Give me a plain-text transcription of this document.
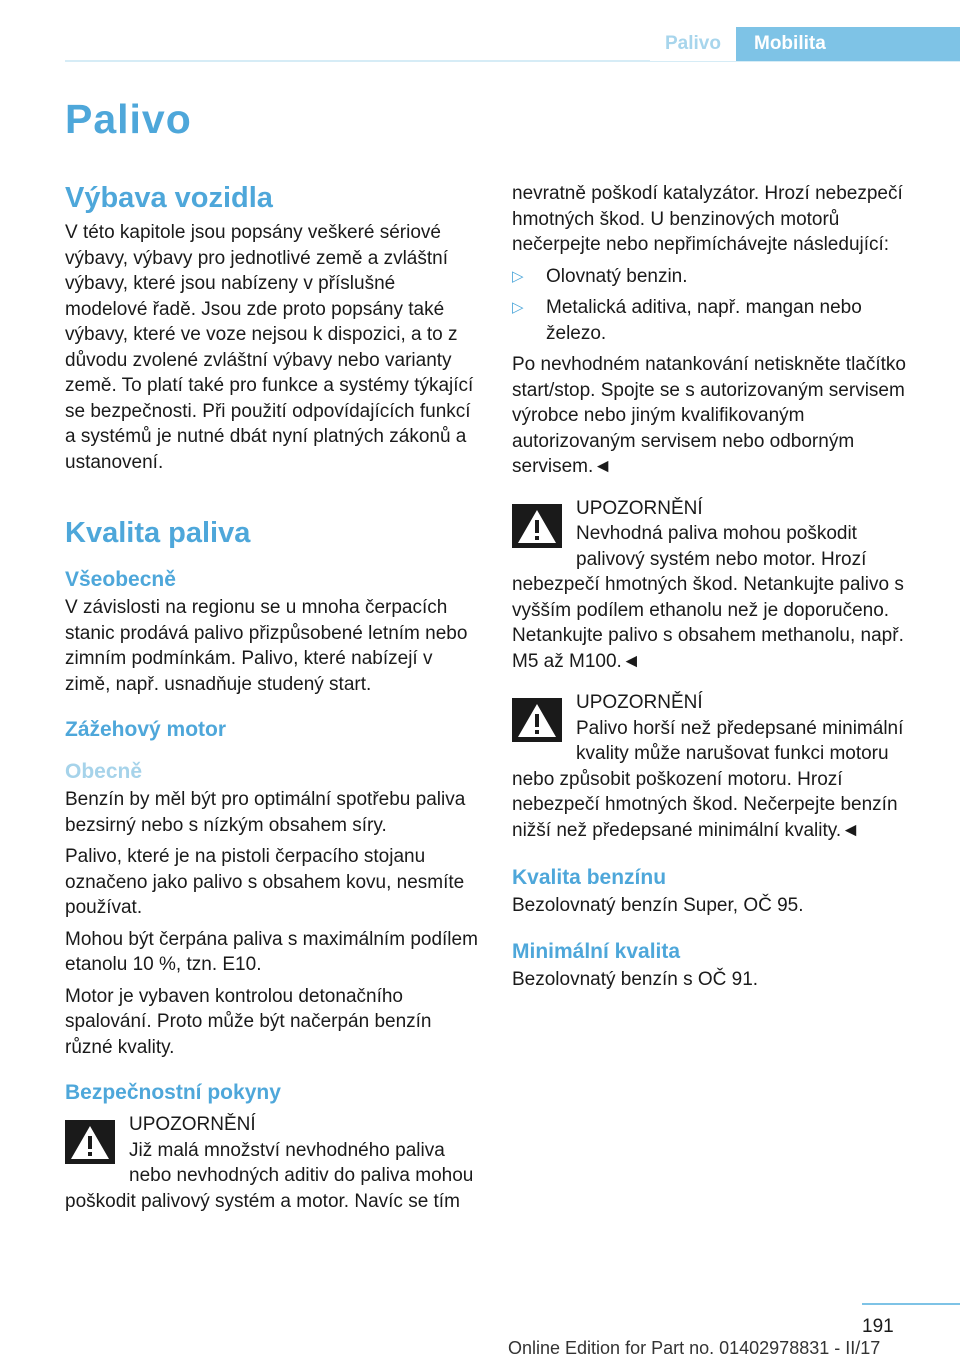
Palivo	Mobilita
Palivo
Výbava vozidla

V této kapitole jsou popsány veškeré sériové výbavy, výbavy pro jednotlivé země a zvláštní výbavy, které jsou nabízeny v příslušné modelové řadě. Jsou zde proto popsány také výbavy, které ve voze nejsou k dispozici, a to z důvodu zvolené zvláštní výbavy nebo varianty země. To platí také pro funkce a systémy týkající se bezpečnosti. Při použití odpovídajících funkcí a systémů je nutné dbát nyní platných zákonů a ustanovení.

Kvalita paliva
Všeobecně

V závislosti na regionu se u mnoha čerpacích stanic prodává palivo přizpůsobené letním nebo zimním podmínkám. Palivo, které nabízejí v zimě, např. usnadňuje studený start.

Zážehový motor
Obecně

Benzín by měl být pro optimální spotřebu paliva bezsirný nebo s nízkým obsahem síry.

Palivo, které je na pistoli čerpacího stojanu označeno jako palivo s obsahem kovu, nesmíte používat.

Mohou být čerpána paliva s maximálním podílem etanolu 10 %, tzn. E10.

Motor je vybaven kontrolou detonačního spalování. Proto může být načerpán benzín různé kvality.

Bezpečnostní pokyny
UPOZORNĚNÍ
Již malá množství nevhodného paliva nebo nevhodných aditiv do paliva mohou poškodit palivový systém a motor. Navíc se tím

nevratně poškodí katalyzátor. Hrozí nebezpečí hmotných škod. U benzinových motorů nečerpejte nebo nepřimíchávejte následující:

▷ Olovnatý benzin.
▷ Metalická aditiva, např. mangan nebo železo.

Po nevhodném natankování netiskněte tlačítko start/stop. Spojte se s autorizovaným servisem výrobce nebo jiným kvalifikovaným autorizovaným servisem nebo odborným servisem.◄

UPOZORNĚNÍ
Nevhodná paliva mohou poškodit palivový systém nebo motor. Hrozí nebezpečí hmotných škod. Netankujte palivo s vyšším podílem ethanolu než je doporučeno. Netankujte palivo s obsahem methanolu, např. M5 až M100.◄
UPOZORNĚNÍ
Palivo horší než předepsané minimální kvality může narušovat funkci motoru nebo způsobit poškození motoru. Hrozí nebezpečí hmotných škod. Nečerpejte benzín nižší než předepsané minimální kvality.◄
Kvalita benzínu

Bezolovnatý benzín Super, OČ 95.

Minimální kvalita

Bezolovnatý benzín s OČ 91.

191
Online Edition for Part no. 01402978831 - II/17
